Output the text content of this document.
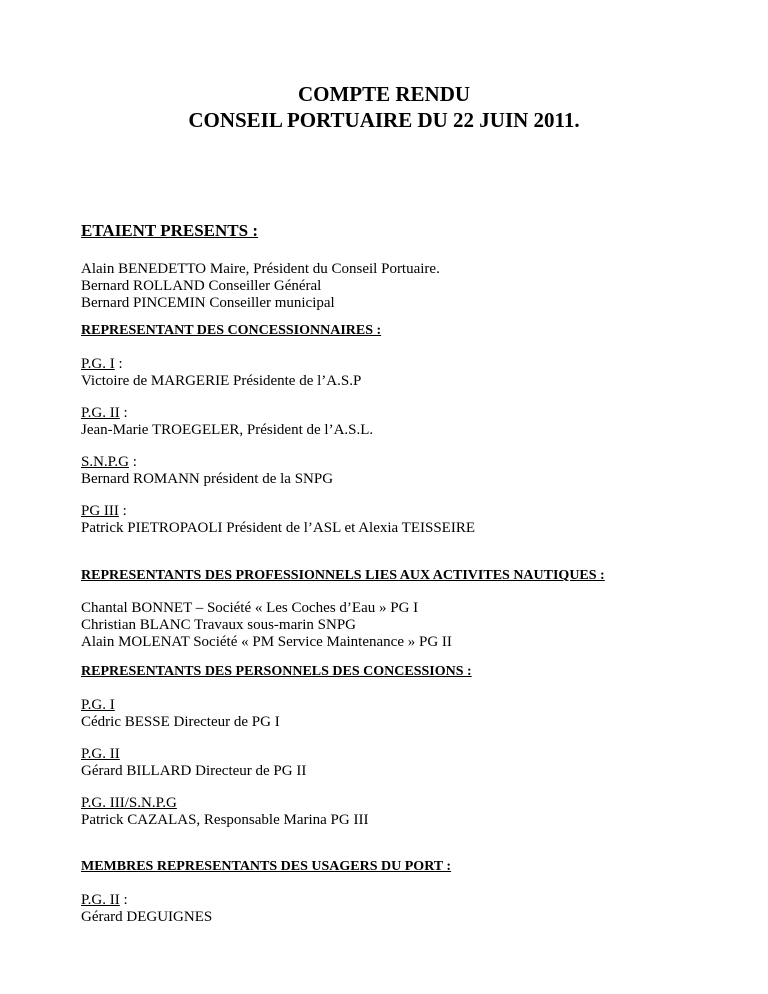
COMPTE RENDU
CONSEIL PORTUAIRE DU 22 JUIN 2011.
ETAIENT PRESENTS :
Alain BENEDETTO Maire, Président du Conseil Portuaire.
Bernard ROLLAND Conseiller Général
Bernard PINCEMIN Conseiller municipal
REPRESENTANT DES CONCESSIONNAIRES :
P.G. I :
Victoire de MARGERIE Présidente de l’A.S.P
P.G. II :
Jean-Marie TROEGELER, Président de l’A.S.L.
S.N.P.G :
Bernard ROMANN président de la SNPG
PG III :
Patrick PIETROPAOLI Président de l’ASL et Alexia TEISSEIRE
REPRESENTANTS DES PROFESSIONNELS LIES AUX ACTIVITES NAUTIQUES :
Chantal BONNET – Société « Les Coches d’Eau » PG I
Christian BLANC Travaux sous-marin SNPG
Alain MOLENAT Société « PM Service Maintenance » PG II
REPRESENTANTS DES PERSONNELS DES CONCESSIONS :
P.G. I
Cédric BESSE Directeur de PG I
P.G. II
Gérard BILLARD Directeur de PG II
P.G. III/S.N.P.G
Patrick CAZALAS, Responsable Marina PG III
MEMBRES REPRESENTANTS DES USAGERS DU PORT :
P.G. II :
Gérard DEGUIGNES
